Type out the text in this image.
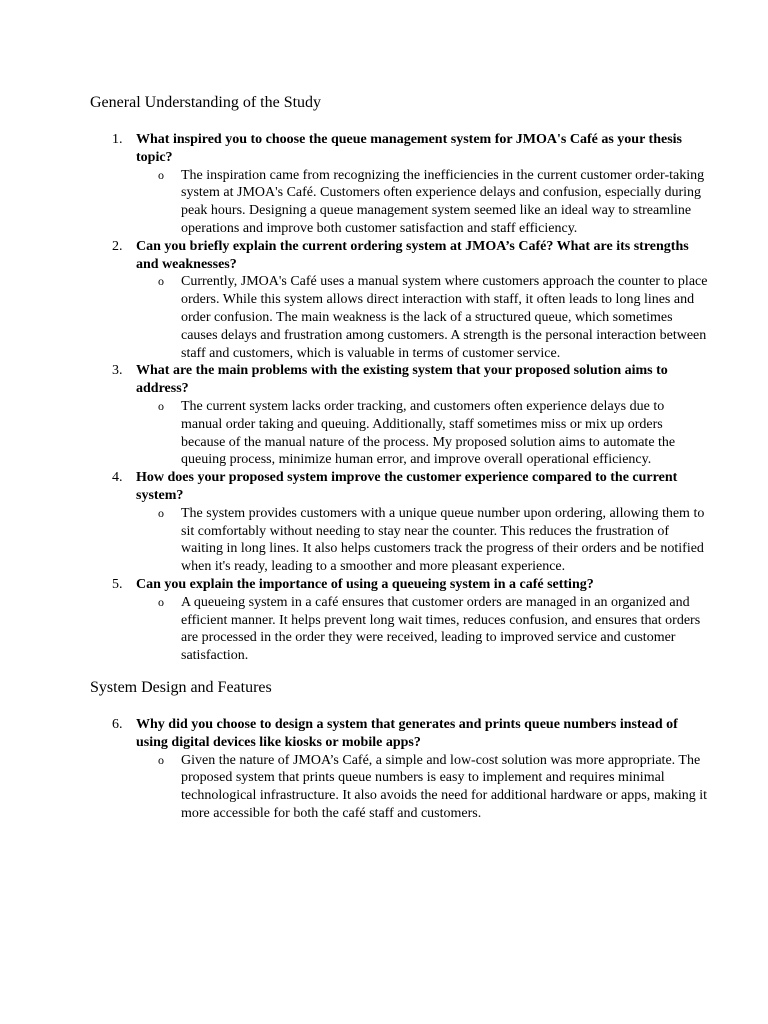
General Understanding of the Study
1. What inspired you to choose the queue management system for JMOA's Café as your thesis topic?
o The inspiration came from recognizing the inefficiencies in the current customer order-taking system at JMOA's Café. Customers often experience delays and confusion, especially during peak hours. Designing a queue management system seemed like an ideal way to streamline operations and improve both customer satisfaction and staff efficiency.
2. Can you briefly explain the current ordering system at JMOA’s Café? What are its strengths and weaknesses?
o Currently, JMOA's Café uses a manual system where customers approach the counter to place orders. While this system allows direct interaction with staff, it often leads to long lines and order confusion. The main weakness is the lack of a structured queue, which sometimes causes delays and frustration among customers. A strength is the personal interaction between staff and customers, which is valuable in terms of customer service.
3. What are the main problems with the existing system that your proposed solution aims to address?
o The current system lacks order tracking, and customers often experience delays due to manual order taking and queuing. Additionally, staff sometimes miss or mix up orders because of the manual nature of the process. My proposed solution aims to automate the queuing process, minimize human error, and improve overall operational efficiency.
4. How does your proposed system improve the customer experience compared to the current system?
o The system provides customers with a unique queue number upon ordering, allowing them to sit comfortably without needing to stay near the counter. This reduces the frustration of waiting in long lines. It also helps customers track the progress of their orders and be notified when it's ready, leading to a smoother and more pleasant experience.
5. Can you explain the importance of using a queueing system in a café setting?
o A queueing system in a café ensures that customer orders are managed in an organized and efficient manner. It helps prevent long wait times, reduces confusion, and ensures that orders are processed in the order they were received, leading to improved service and customer satisfaction.
System Design and Features
6. Why did you choose to design a system that generates and prints queue numbers instead of using digital devices like kiosks or mobile apps?
o Given the nature of JMOA’s Café, a simple and low-cost solution was more appropriate. The proposed system that prints queue numbers is easy to implement and requires minimal technological infrastructure. It also avoids the need for additional hardware or apps, making it more accessible for both the café staff and customers.
